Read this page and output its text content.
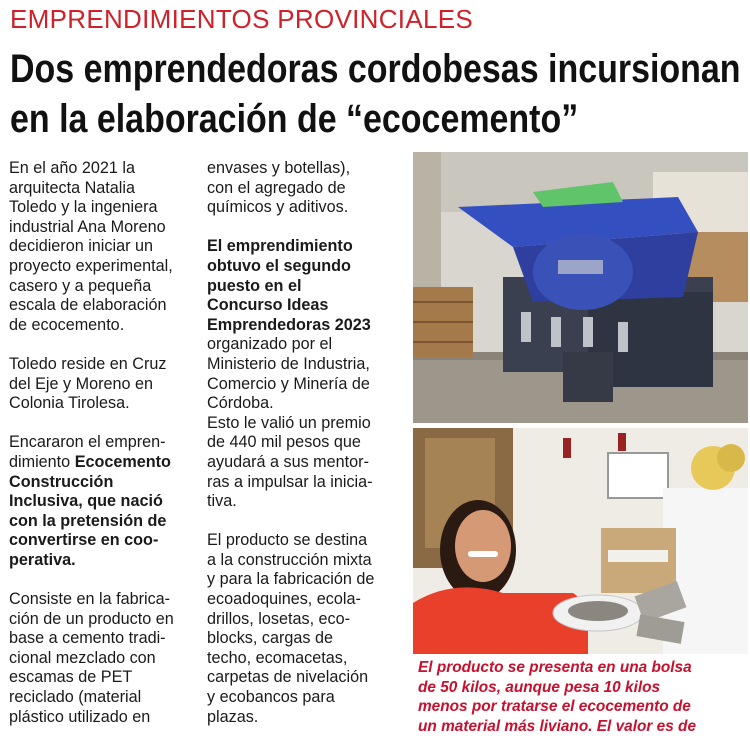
EMPRENDIMIENTOS PROVINCIALES
Dos emprendedoras cordobesas incursionan
en la elaboración de “ecocemento”

En el año 2021 la
arquitecta Natalia
Toledo y la ingeniera
industrial Ana Moreno
decidieron iniciar un
proyecto experimental,
casero y a pequeña
escala de elaboración
de ecocemento.

Toledo reside en Cruz
del Eje y Moreno en
Colonia Tirolesa.

Encararon el empren-
dimiento Ecocemento
Construcción
Inclusiva, que nació
con la pretensión de
convertirse en coo-
perativa.

Consiste en la fabrica-
ción de un producto en
base a cemento tradi-
cional mezclado con
escamas de PET
reciclado (material
plástico utilizado en

envases y botellas),
con el agregado de
químicos y aditivos.

El emprendimiento
obtuvo el segundo
puesto en el
Concurso Ideas
Emprendedoras 2023
organizado por el
Ministerio de Industria,
Comercio y Minería de
Córdoba.

Esto le valió un premio
de 440 mil pesos que
ayudará a sus mentor-
ras a impulsar la inicia-
tiva.

El producto se destina
a la construcción mixta
y para la fabricación de
ecoadoquines, ecola-
drillos, losetas, eco-
blocks, cargas de
techo, ecomacetas,
carpetas de nivelación
y ecobancos para
plazas.

El producto se presenta en una bolsa
de 50 kilos, aunque pesa 10 kilos
menos por tratarse el ecocemento de
un material más liviano. El valor es de
